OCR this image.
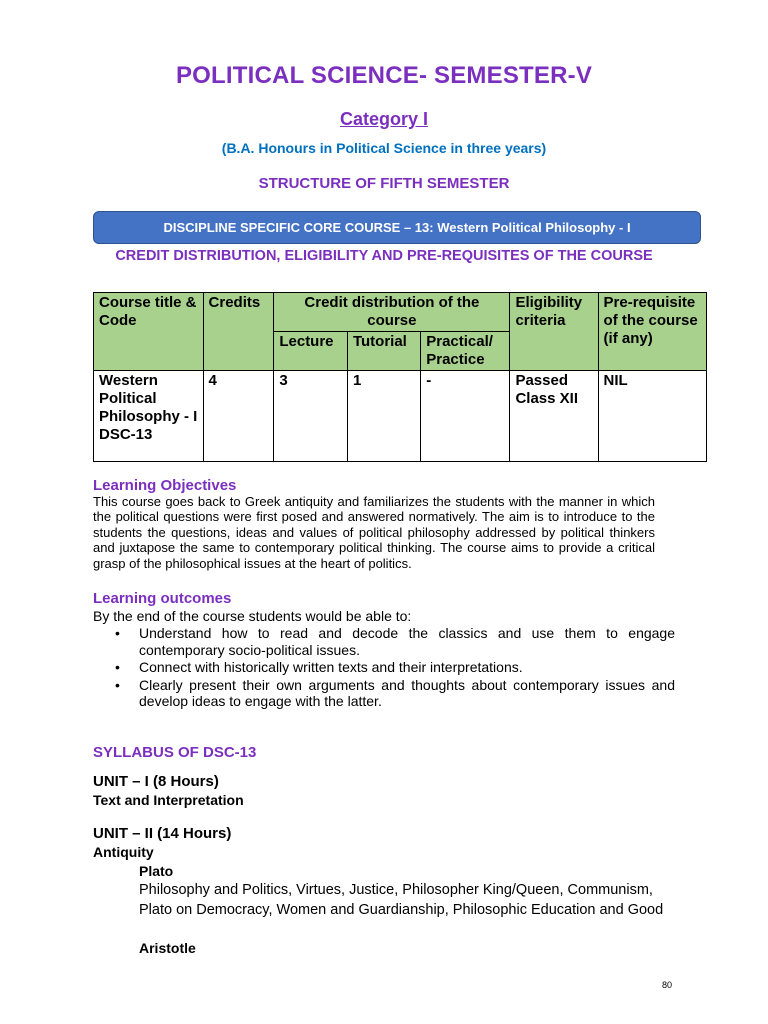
POLITICAL SCIENCE- SEMESTER-V
Category I
(B.A. Honours in Political Science in three years)
STRUCTURE OF FIFTH SEMESTER
DISCIPLINE SPECIFIC CORE COURSE – 13: Western Political Philosophy - I
CREDIT DISTRIBUTION, ELIGIBILITY AND PRE-REQUISITES OF THE COURSE
Course title & Code	Credits	Credit distribution of the course			Eligibility criteria	Pre-requisite of the course (if any)
		Lecture	Tutorial	Practical/ Practice		
Western Political Philosophy - I DSC-13	4	3	1	-	Passed Class XII	NIL
Learning Objectives
This course goes back to Greek antiquity and familiarizes the students with the manner in which the political questions were first posed and answered normatively. The aim is to introduce to the students the questions, ideas and values of political philosophy addressed by political thinkers and juxtapose the same to contemporary political thinking. The course aims to provide a critical grasp of the philosophical issues at the heart of politics.
Learning outcomes
By the end of the course students would be able to:
• Understand how to read and decode the classics and use them to engage contemporary socio-political issues.
• Connect with historically written texts and their interpretations.
• Clearly present their own arguments and thoughts about contemporary issues and develop ideas to engage with the latter.
SYLLABUS OF DSC-13
UNIT – I (8 Hours)
Text and Interpretation
UNIT – II (14 Hours)
Antiquity
Plato
Philosophy and Politics, Virtues, Justice, Philosopher King/Queen, Communism, Plato on Democracy, Women and Guardianship, Philosophic Education and Good
Aristotle
80
